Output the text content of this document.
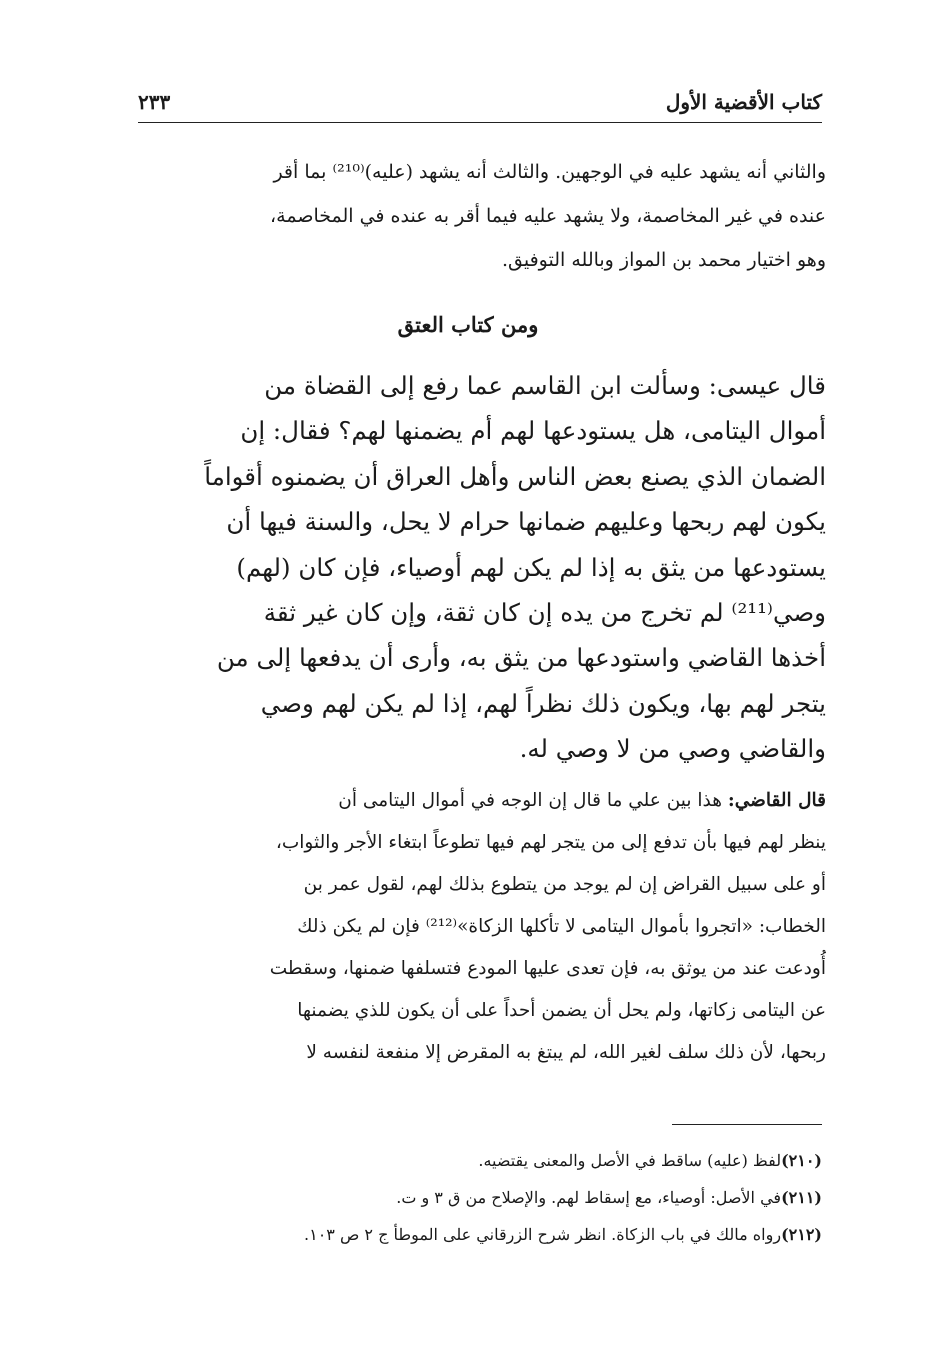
كتاب الأقضية الأول
٢٣٣
والثاني أنه يشهد عليه في الوجهين. والثالث أنه يشهد (عليه)⁽²¹⁰⁾ بما أقر
عنده في غير المخاصمة، ولا يشهد عليه فيما أقر به عنده في المخاصمة،
وهو اختيار محمد بن المواز وبالله التوفيق.
ومن كتاب العتق
قال عيسى: وسألت ابن القاسم عما رفع إلى القضاة من
أموال اليتامى، هل يستودعها لهم أم يضمنها لهم؟ فقال: إن
الضمان الذي يصنع بعض الناس وأهل العراق أن يضمنوه أقواماً
يكون لهم ربحها وعليهم ضمانها حرام لا يحل، والسنة فيها أن
يستودعها من يثق به إذا لم يكن لهم أوصياء، فإن كان (لهم)
وصي⁽²¹¹⁾ لم تخرج من يده إن كان ثقة، وإن كان غير ثقة
أخذها القاضي واستودعها من يثق به، وأرى أن يدفعها إلى من
يتجر لهم بها، ويكون ذلك نظراً لهم، إذا لم يكن لهم وصي
والقاضي وصي من لا وصي له.
قال القاضي: هذا بين علي ما قال إن الوجه في أموال اليتامى أن
ينظر لهم فيها بأن تدفع إلى من يتجر لهم فيها تطوعاً ابتغاء الأجر والثواب،
أو على سبيل القراض إن لم يوجد من يتطوع بذلك لهم، لقول عمر بن
الخطاب: «اتجروا بأموال اليتامى لا تأكلها الزكاة»⁽²¹²⁾ فإن لم يكن ذلك
أُودعت عند من يوثق به، فإن تعدى عليها المودع فتسلفها ضمنها، وسقطت
عن اليتامى زكاتها، ولم يحل أن يضمن أحداً على أن يكون للذي يضمنها
ربحها، لأن ذلك سلف لغير الله، لم يبتغ به المقرض إلا منفعة لنفسه لا
(٢١٠)لفظ (عليه) ساقط في الأصل والمعنى يقتضيه.
(٢١١)في الأصل: أوصياء، مع إسقاط لهم. والإصلاح من ق ٣ و ت.
(٢١٢)رواه مالك في باب الزكاة. انظر شرح الزرقاني على الموطأ ج ٢ ص ١٠٣.
